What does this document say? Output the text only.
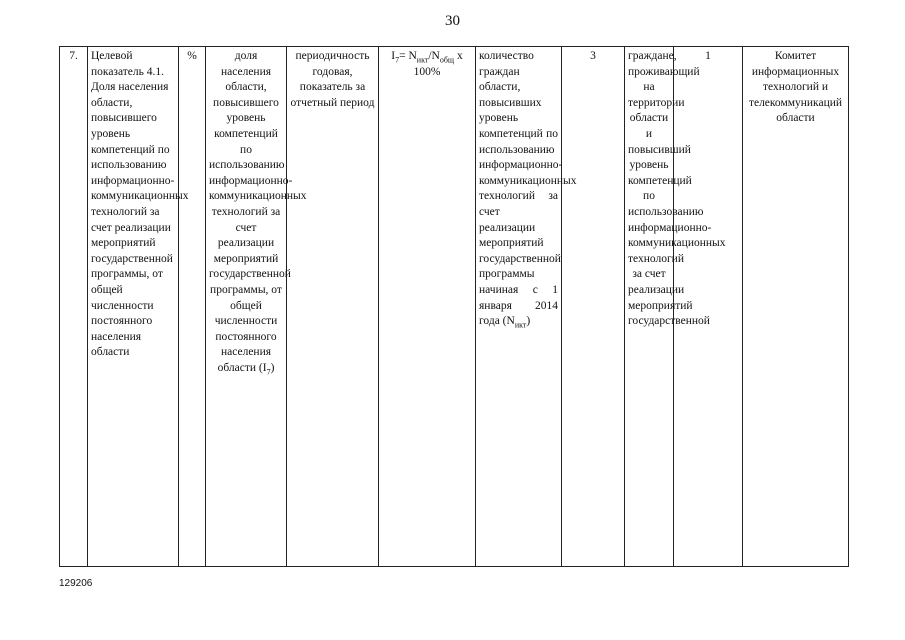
30
7.	Целевой показатель 4.1. Доля населения области, повысившего уровень компетенций по использованию информационно-коммуникационных технологий за счет реализации мероприятий государственной программы, от общей численности постоянного населения области	%	доля населения области, повысившего уровень компетенций по использованию информационно-коммуникационных технологий за счет реализации мероприятий государственной программы, от общей численности постоянного населения области $(I_7)$	периодичность годовая, показатель за отчетный период	$I_7= N_{икт}/N_{общ}$ x 100%	количество граждан области, повысивших уровень компетенций по использованию информационно-коммуникационных технологий за счет реализации мероприятий государственной программы начиная с 1 января 2014 года $(N_{икт})$	3	граждане, проживающий на территории области и повысивший уровень компетенций по использованию информационно-коммуникационных технологий за счет реализации мероприятий государственной	1	Комитет информационных технологий и телекоммуникаций области
129206
